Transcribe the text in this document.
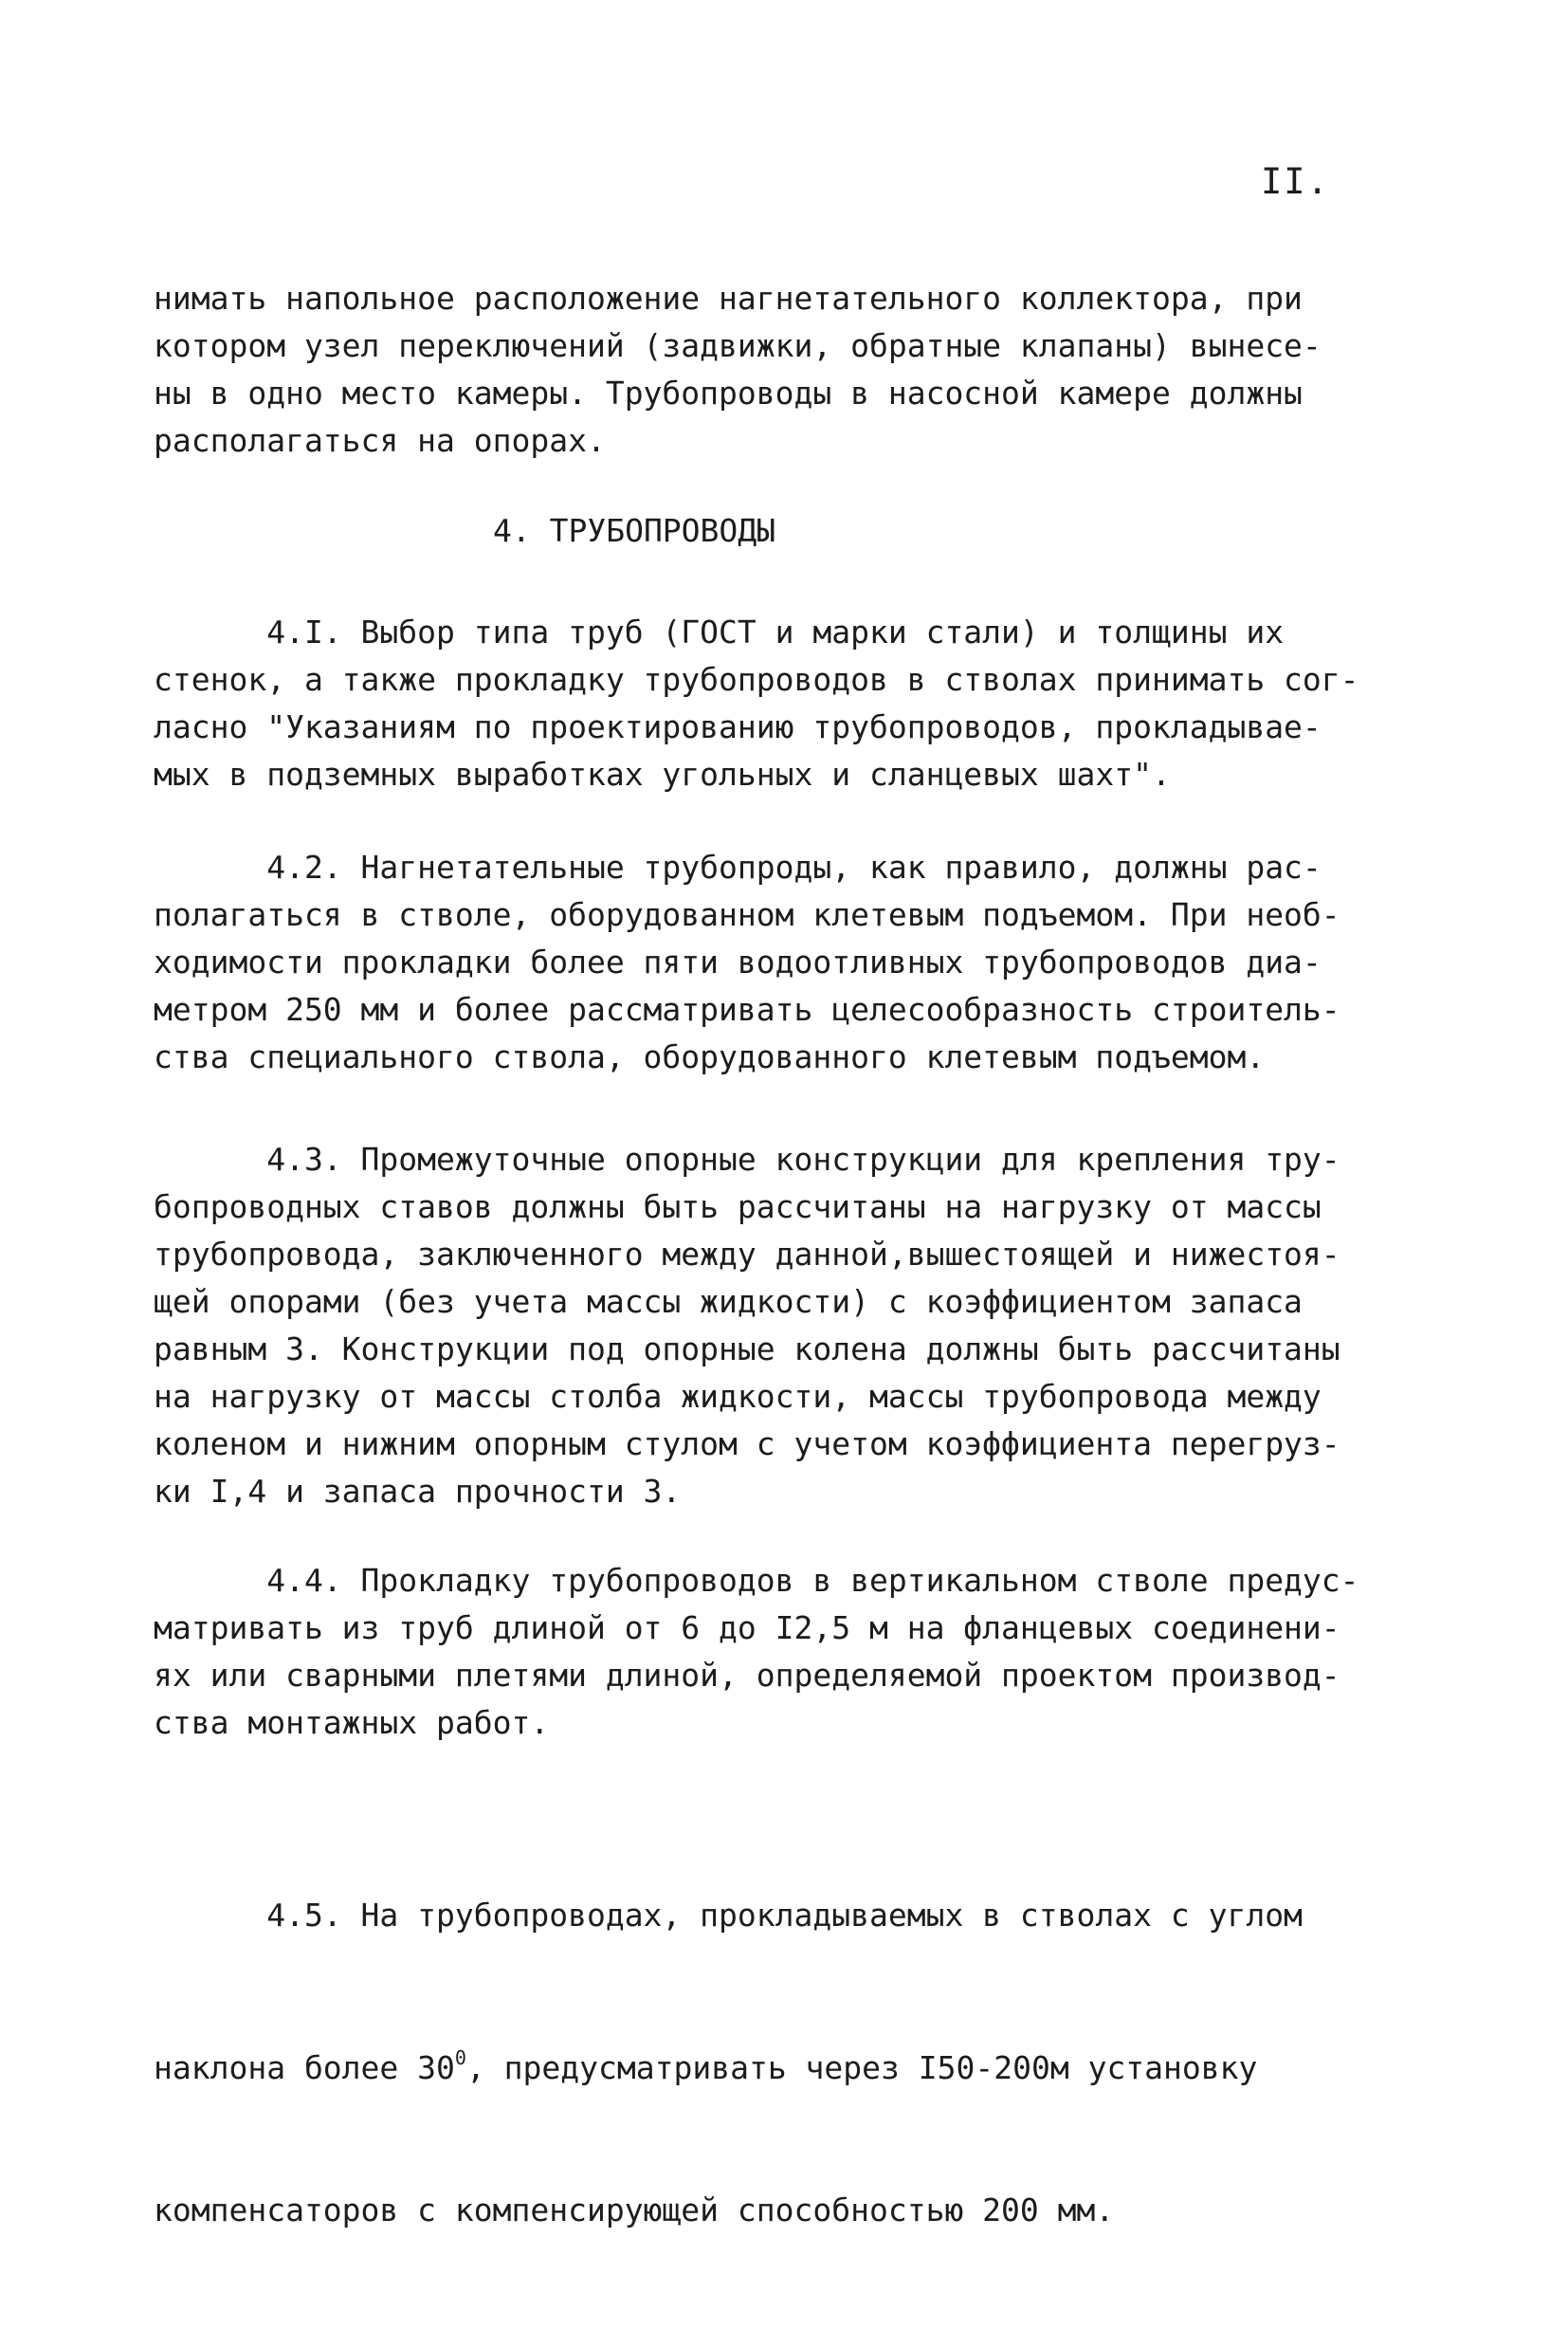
II.
нимать напольное расположение нагнетательного коллектора, при
котором узел переключений (задвижки, обратные клапаны) вынесе-
ны в одно место камеры. Трубопроводы в насосной камере должны
располагаться на опорах.
4. ТРУБОПРОВОДЫ
4.I. Выбор типа труб (ГОСТ и марки стали) и толщины их
стенок, а также прокладку трубопроводов в стволах принимать сог-
ласно "Указаниям по проектированию трубопроводов, прокладывае-
мых в подземных выработках угольных и сланцевых шахт".
4.2. Нагнетательные трубопроды, как правило, должны рас-
полагаться в стволе, оборудованном клетевым подъемом. При необ-
ходимости прокладки более пяти водоотливных трубопроводов диа-
метром 250 мм и более рассматривать целесообразность строитель-
ства специального ствола, оборудованного клетевым подъемом.
4.3. Промежуточные опорные конструкции для крепления тру-
бопроводных ставов должны быть рассчитаны на нагрузку от массы
трубопровода, заключенного между данной,вышестоящей и нижестоя-
щей опорами (без учета массы жидкости) с коэффициентом запаса
равным 3. Конструкции под опорные колена должны быть рассчитаны
на нагрузку от массы столба жидкости, массы трубопровода между
коленом и нижним опорным стулом с учетом коэффициента перегруз-
ки I,4 и запаса прочности 3.
4.4. Прокладку трубопроводов в вертикальном стволе предус-
матривать из труб длиной от 6 до I2,5 м на фланцевых соединени-
ях или сварными плетями длиной, определяемой проектом производ-
ства монтажных работ.

4.5. На трубопроводах, прокладываемых в стволах с углом

наклона более $30^0$, предусматривать через I50-200м установку

компенсаторов с компенсирующей способностью 200 мм.
